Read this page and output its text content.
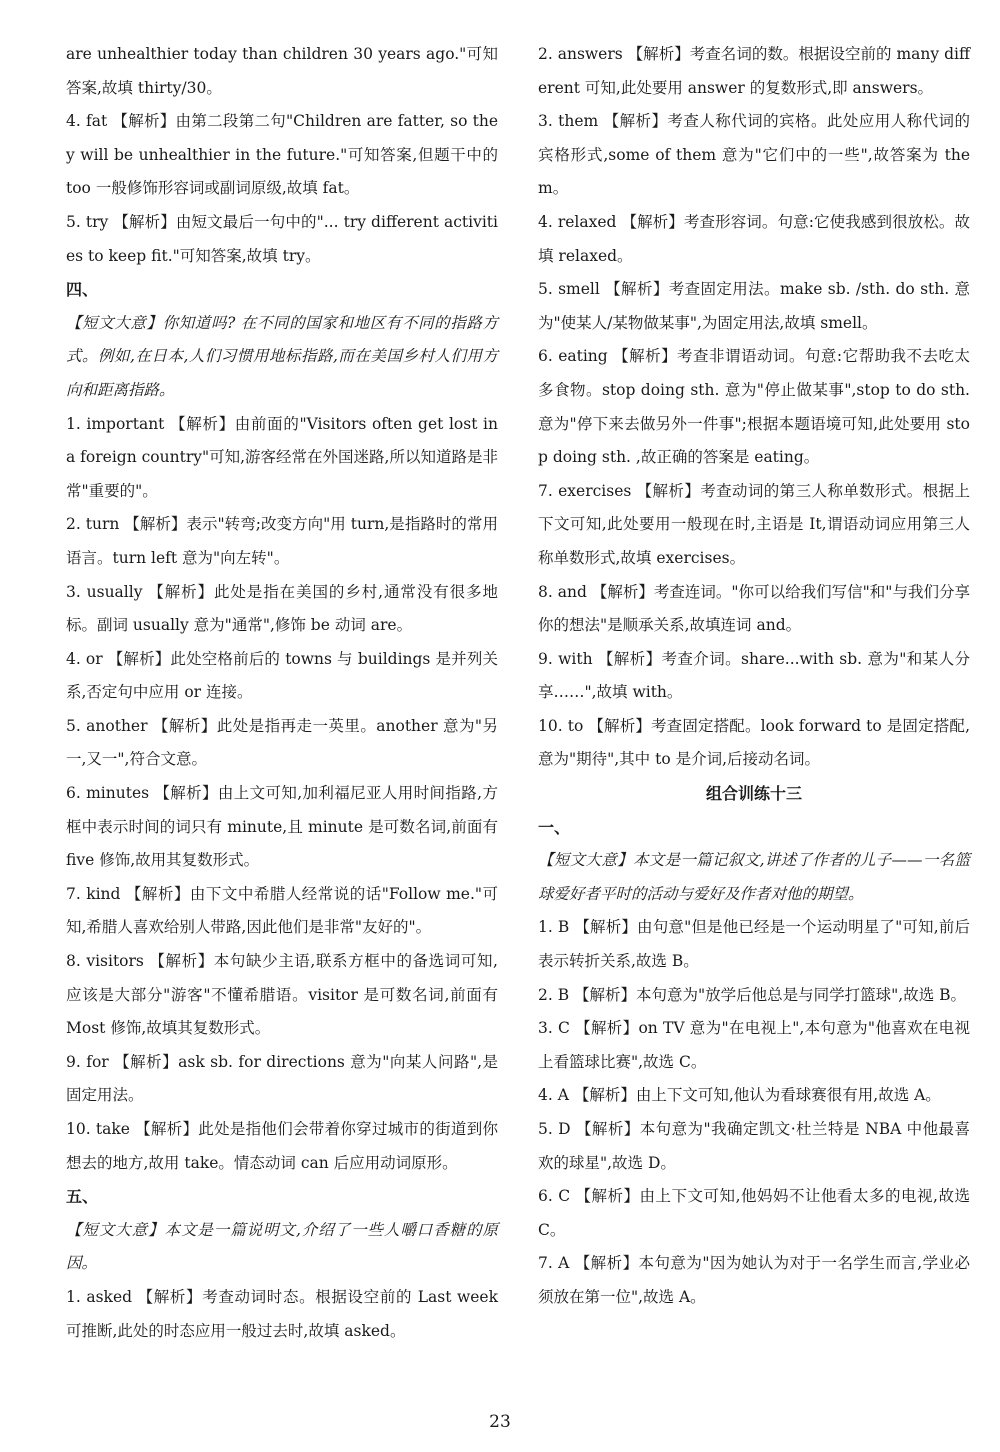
are unhealthier today than children 30 years ago."可知答案,故填 thirty/30。

4. fat 【解析】由第二段第二句"Children are fatter, so they will be unhealthier in the future."可知答案,但题干中的 too 一般修饰形容词或副词原级,故填 fat。

5. try 【解析】由短文最后一句中的"... try different activities to keep fit."可知答案,故填 try。

四、

【短文大意】你知道吗? 在不同的国家和地区有不同的指路方式。例如,在日本,人们习惯用地标指路,而在美国乡村人们用方向和距离指路。

1. important 【解析】由前面的"Visitors often get lost in a foreign country"可知,游客经常在外国迷路,所以知道路是非常"重要的"。

2. turn 【解析】表示"转弯;改变方向"用 turn,是指路时的常用语言。turn left 意为"向左转"。

3. usually 【解析】此处是指在美国的乡村,通常没有很多地标。副词 usually 意为"通常",修饰 be 动词 are。

4. or 【解析】此处空格前后的 towns 与 buildings 是并列关系,否定句中应用 or 连接。

5. another 【解析】此处是指再走一英里。another 意为"另一,又一",符合文意。

6. minutes 【解析】由上文可知,加利福尼亚人用时间指路,方框中表示时间的词只有 minute,且 minute 是可数名词,前面有 five 修饰,故用其复数形式。

7. kind 【解析】由下文中希腊人经常说的话"Follow me."可知,希腊人喜欢给别人带路,因此他们是非常"友好的"。

8. visitors 【解析】本句缺少主语,联系方框中的备选词可知,应该是大部分"游客"不懂希腊语。visitor 是可数名词,前面有 Most 修饰,故填其复数形式。

9. for 【解析】ask sb. for directions 意为"向某人问路",是固定用法。

10. take 【解析】此处是指他们会带着你穿过城市的街道到你想去的地方,故用 take。情态动词 can 后应用动词原形。

五、

【短文大意】本文是一篇说明文,介绍了一些人嚼口香糖的原因。

1. asked 【解析】考查动词时态。根据设空前的 Last week 可推断,此处的时态应用一般过去时,故填 asked。

2. answers 【解析】考查名词的数。根据设空前的 many different 可知,此处要用 answer 的复数形式,即 answers。

3. them 【解析】考查人称代词的宾格。此处应用人称代词的宾格形式,some of them 意为"它们中的一些",故答案为 them。

4. relaxed 【解析】考查形容词。句意:它使我感到很放松。故填 relaxed。

5. smell 【解析】考查固定用法。make sb. /sth. do sth. 意为"使某人/某物做某事",为固定用法,故填 smell。

6. eating 【解析】考查非谓语动词。句意:它帮助我不去吃太多食物。stop doing sth. 意为"停止做某事",stop to do sth. 意为"停下来去做另外一件事";根据本题语境可知,此处要用 stop doing sth. ,故正确的答案是 eating。

7. exercises 【解析】考查动词的第三人称单数形式。根据上下文可知,此处要用一般现在时,主语是 It,谓语动词应用第三人称单数形式,故填 exercises。

8. and 【解析】考查连词。"你可以给我们写信"和"与我们分享你的想法"是顺承关系,故填连词 and。

9. with 【解析】考查介词。share...with sb. 意为"和某人分享……",故填 with。

10. to 【解析】考查固定搭配。look forward to 是固定搭配,意为"期待",其中 to 是介词,后接动名词。

组合训练十三

一、

【短文大意】本文是一篇记叙文,讲述了作者的儿子——一名篮球爱好者平时的活动与爱好及作者对他的期望。

1. B 【解析】由句意"但是他已经是一个运动明星了"可知,前后表示转折关系,故选 B。

2. B 【解析】本句意为"放学后他总是与同学打篮球",故选 B。

3. C 【解析】on TV 意为"在电视上",本句意为"他喜欢在电视上看篮球比赛",故选 C。

4. A 【解析】由上下文可知,他认为看球赛很有用,故选 A。

5. D 【解析】本句意为"我确定凯文·杜兰特是 NBA 中他最喜欢的球星",故选 D。

6. C 【解析】由上下文可知,他妈妈不让他看太多的电视,故选 C。

7. A 【解析】本句意为"因为她认为对于一名学生而言,学业必须放在第一位",故选 A。

23
